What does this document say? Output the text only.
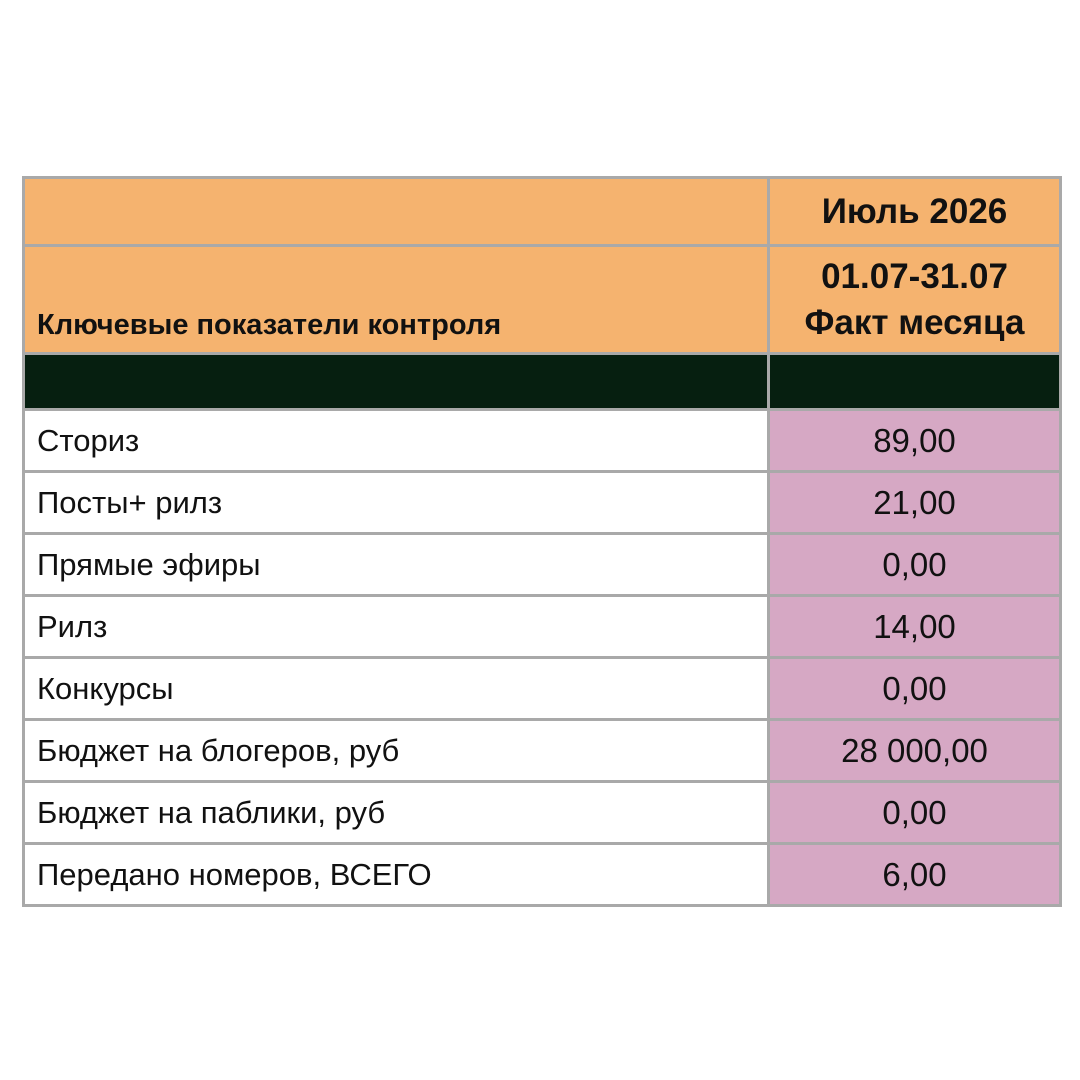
	Июль 2026
Ключевые показатели контроля	01.07-31.07
Факт месяца

Сториз	89,00
Посты+ рилз	21,00
Прямые эфиры	0,00
Рилз	14,00
Конкурсы	0,00
Бюджет на блогеров, руб	28 000,00
Бюджет на паблики, руб	0,00
Передано номеров, ВСЕГО	6,00
